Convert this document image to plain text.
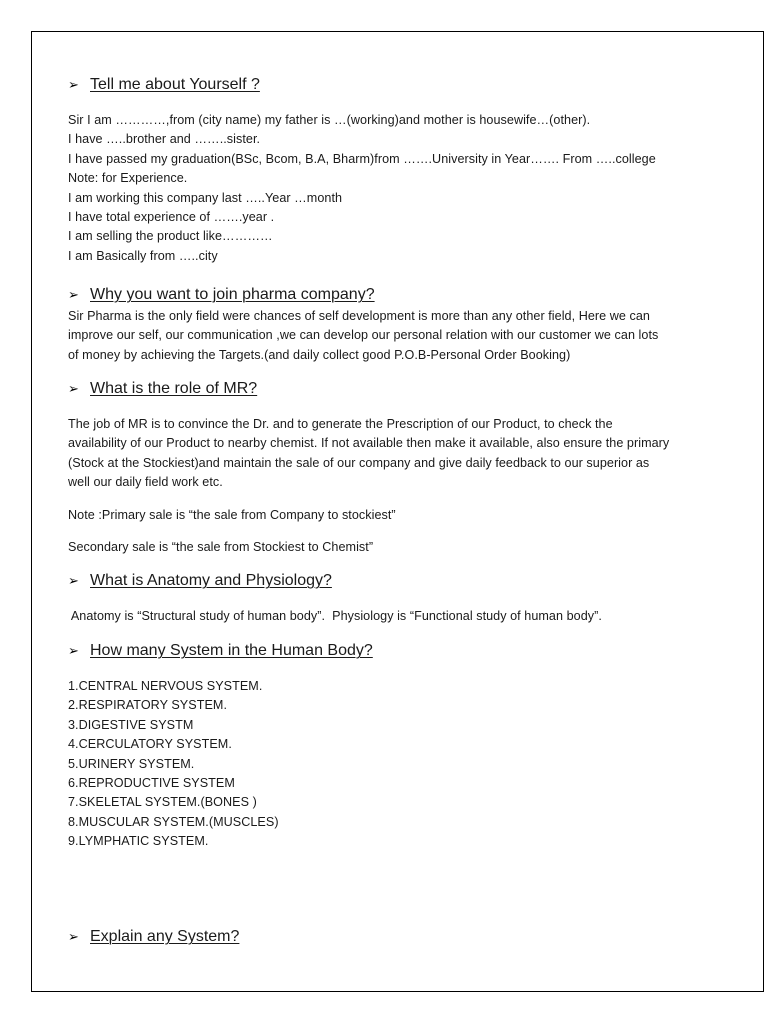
➢ Tell me about Yourself ?
Sir I am …………,from (city name) my father is …(working)and mother is housewife…(other).
I have …..brother and ……..sister.
I have passed my graduation(BSc, Bcom, B.A, Bharm)from …….University in Year……. From …..college
Note: for Experience.
I am working this company last …..Year …month
I have total experience of …….year .
I am selling the product like…………
I am Basically from …..city
➢ Why you want to join pharma company?
Sir Pharma is the only field were chances of self development is more than any other field, Here we can
improve our self, our communication ,we can develop our personal relation with our customer we can lots
of money by achieving the Targets.(and daily collect good P.O.B-Personal Order Booking)
➢ What is the role of MR?
The job of MR is to convince the Dr. and to generate the Prescription of our Product, to check the
availability of our Product to nearby chemist. If not available then make it available, also ensure the primary
(Stock at the Stockiest)and maintain the sale of our company and give daily feedback to our superior as
well our daily field work etc.
Note :Primary sale is “the sale from Company to stockiest”
Secondary sale is “the sale from Stockiest to Chemist”
➢ What is Anatomy and Physiology?
Anatomy is “Structural study of human body”.  Physiology is “Functional study of human body”.
➢ How many System in the Human Body?
1.CENTRAL NERVOUS SYSTEM.
2.RESPIRATORY SYSTEM.
3.DIGESTIVE SYSTM
4.CERCULATORY SYSTEM.
5.URINERY SYSTEM.
6.REPRODUCTIVE SYSTEM
7.SKELETAL SYSTEM.(BONES )
8.MUSCULAR SYSTEM.(MUSCLES)
9.LYMPHATIC SYSTEM.
➢ Explain any System?
